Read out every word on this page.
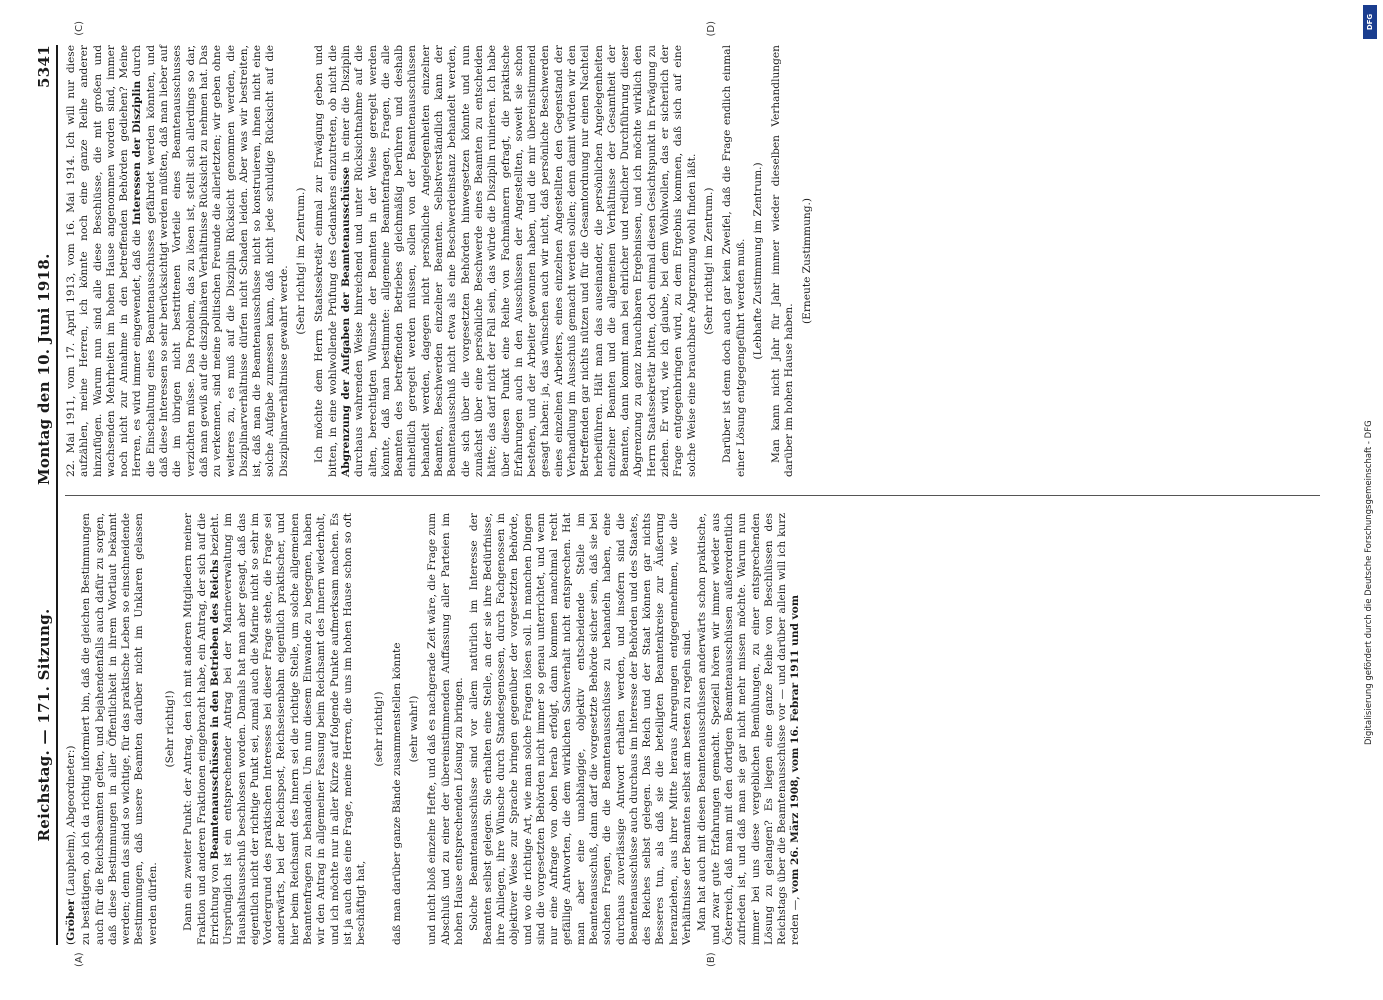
Reichstag. — 171. Sitzung.
Montag den 10. Juni 1918.
5341
(A)	(B)

(Gröber (Laupheim), Abgeordneter:) zu bestätigen, ob ich da richtig informiert bin, daß die gleichen Bestimmungen auch für die Reichsbeamten gelten, und bejahendenfalls auch dafür zu sorgen, daß diese Bestimmungen in aller Öffentlichkeit in ihrem Wortlaut bekannt werden; denn das sind so wichtige, für das praktische Leben so einschneidende Bestimmungen, daß unsere Beamten darüber nicht im Unklaren gelassen werden dürfen.

(Sehr richtig!) Dann ein zweiter Punkt: der Antrag, den ich mit anderen Mitgliedern meiner Fraktion und anderen Fraktionen eingebracht habe, ein Antrag, der sich auf die Errichtung von Beamtenausschüssen in den Betrieben des Reichs bezieht. Ursprünglich ist ein entsprechender Antrag bei der Marineverwaltung im Haushaltsausschuß beschlossen worden. Damals hat man aber gesagt, daß das eigentlich nicht der richtige Punkt sei, zumal auch die Marine nicht so sehr im Vordergrund des praktischen Interesses bei dieser Frage stehe, die Frage sei anderwärts, bei der Reichspost, Reichseisenbahn eigentlich praktischer, und hier beim Reichsamt des Innern sei die richtige Stelle, um solche allgemeinen Beamtenfragen zu behandeln. Um nun diesem Einwande zu begegnen, haben wir den Antrag in allgemeiner Fassung beim Reichsamt des Innern wiederholt, und ich möchte nur in aller Kürze auf folgende Punkte aufmerksam machen. Es ist ja auch das eine Frage, meine Herren, die uns im hohen Hause schon so oft beschäftigt hat,

(sehr richtig!) daß man darüber ganze Bände zusammenstellen könnte (sehr wahr!) und nicht bloß einzelne Hefte, und daß es nachgerade Zeit wäre, die Frage zum Abschluß und zu einer der übereinstimmenden Auffassung aller Parteien im hohen Hause entsprechenden Lösung zu bringen. Solche Beamtenausschüsse sind vor allem natürlich im Interesse der Beamten selbst gelegen. Sie erhalten eine Stelle, an der sie ihre Bedürfnisse, ihre Anliegen, ihre Wünsche durch Standesgenossen, durch Fachgenossen in objektiver Weise zur Sprache bringen gegenüber der vorgesetzten Behörde, und wo die richtige Art, wie man solche Fragen lösen soll. In manchen Dingen sind die vorgesetzten Behörden nicht immer so genau unterrichtet, und wenn nur eine Anfrage von oben herab erfolgt, dann kommen manchmal recht gefällige Antworten, die dem wirklichen Sachverhalt nicht entsprechen. Hat man aber eine unabhängige, objektiv entscheidende Stelle im Beamtenausschuß, dann darf die vorgesetzte Behörde sicher sein, daß sie bei solchen Fragen, die die Beamtenausschüsse zu behandeln haben, eine durchaus zuverlässige Antwort erhalten werden, und insofern sind die Beamtenausschüsse auch durchaus im Interesse der Behörden und des Staates, des Reiches selbst gelegen. Das Reich und der Staat können gar nichts Besseres tun, als daß sie die beteiligten Beamtenkreise zur Äußerung heranziehen, aus ihrer Mitte heraus Anregungen entgegennehmen, wie die Verhältnisse der Beamten selbst am besten zu regeln sind. Man hat auch mit diesen Beamtenausschüssen anderwärts schon praktische, und zwar gute Erfahrungen gemacht. Speziell hören wir immer wieder aus Österreich, daß man mit den dortigen Beamtenausschüssen außerordentlich zufrieden ist, und daß man sie gar nicht mehr missen möchte. Warum nun immer bei uns diese vergeblichen Bemühungen, zu einer entsprechenden Lösung zu gelangen? Es liegen eine ganze Reihe von Beschlüssen des Reichstags über die Beamtenausschüsse vor — und darüber allein will ich kurz reden —, vom 26. März 1908, vom 16. Febrar 1911 und vom

(C)	(D)

22. Mai 1911, vom 17. April 1913, vom 16. Mai 1914. Ich will nur diese aufzählen, meine Herren, ich könnte noch eine ganze Reihe anderer hinzufügen. Warum nun sind alle diese Beschlüsse, die mit großen und wachsenden Mehrheiten im hohen Hause angenommen worden sind, immer noch nicht zur Annahme in den betreffenden Behörden gediehen? Meine Herren, es wird immer eingewendet, daß die Interessen der Disziplin durch die Einschaltung eines Beamtenausschusses gefährdet werden könnten, und daß diese Interessen so sehr berücksichtigt werden müßten, daß man lieber auf die im übrigen nicht bestrittenen Vorteile eines Beamtenausschusses verzichten müsse. Das Problem, das zu lösen ist, stellt sich allerdings so dar, daß man gewiß auf die disziplinären Verhältnisse Rücksicht zu nehmen hat. Das zu verkennen, sind meine politischen Freunde die allerletzten; wir geben ohne weiteres zu, es muß auf die Disziplin Rücksicht genommen werden, die Disziplinarverhältnisse dürfen nicht Schaden leiden. Aber was wir bestreiten, ist, daß man die Beamtenausschüsse nicht so konstruieren, ihnen nicht eine solche Aufgabe zumessen kann, daß nicht jede schuldige Rücksicht auf die Disziplinarverhältnisse gewahrt werde.

(Sehr richtig! im Zentrum.) Ich möchte dem Herrn Staatssekretär einmal zur Erwägung geben und bitten, in eine wohlwollende Prüfung des Gedankens einzutreten, ob nicht die Abgrenzung der Aufgaben der Beamtenausschüsse in einer die Disziplin durchaus wahrenden Weise hinreichend und unter Rücksichtnahme auf die alten, berechtigten Wünsche der Beamten in der Weise geregelt werden könnte, daß man bestimmte: allgemeine Beamtenfragen, Fragen, die alle Beamten des betreffenden Betriebes gleichmäßig berühren und deshalb einheitlich geregelt werden müssen, sollen von der Beamtenausschüssen behandelt werden, dagegen nicht persönliche Angelegenheiten einzelner Beamten, Beschwerden einzelner Beamten. Selbstverständlich kann der Beamtenausschuß nicht etwa als eine Beschwerdeinstanz behandelt werden, die sich über die vorgesetzten Behörden hinwegsetzen könnte und nun zunächst über eine persönliche Beschwerde eines Beamten zu entscheiden hätte; das darf nicht der Fall sein, das würde die Disziplin ruinieren. Ich habe über diesen Punkt eine Reihe von Fachmännern gefragt, die praktische Erfahrungen auch in den Ausschüssen der Angestellten, soweit sie schon bestehen, und der Arbeiter gewonnen haben, und die mir übereinstimmend gesagt haben: ja, das wünschen auch wir nicht, daß persönliche Beschwerden eines einzelnen Arbeiters, eines einzelnen Angestellten den Gegenstand der Verhandlung im Ausschuß gemacht werden sollen; denn damit würden wir den Betreffenden gar nichts nützen und für die Gesamtordnung nur einen Nachteil herbeiführen. Hält man das auseinander, die persönlichen Angelegenheiten einzelner Beamten und die allgemeinen Verhältnisse der Gesamtheit der Beamten, dann kommt man bei ehrlicher und redlicher Durchführung dieser Abgrenzung zu ganz brauchbaren Ergebnissen, und ich möchte wirklich den Herrn Staatssekretär bitten, doch einmal diesen Gesichtspunkt in Erwägung zu ziehen. Er wird, wie ich glaube, bei dem Wohlwollen, das er sicherlich der Frage entgegenbringen wird, zu dem Ergebnis kommen, daß sich auf eine solche Weise eine brauchbare Abgrenzung wohl finden läßt. (Sehr richtig! im Zentrum.) Darüber ist denn doch auch gar kein Zweifel, daß die Frage endlich einmal einer Lösung entgegengeführt werden muß. (Lebhafte Zustimmung im Zentrum.) Man kann nicht Jahr für Jahr immer wieder dieselben Verhandlungen darüber im hohen Hause haben.

(Erneute Zustimmung.)

DFG
Digitalisierung gefördert durch die Deutsche Forschungsgemeinschaft - DFG
